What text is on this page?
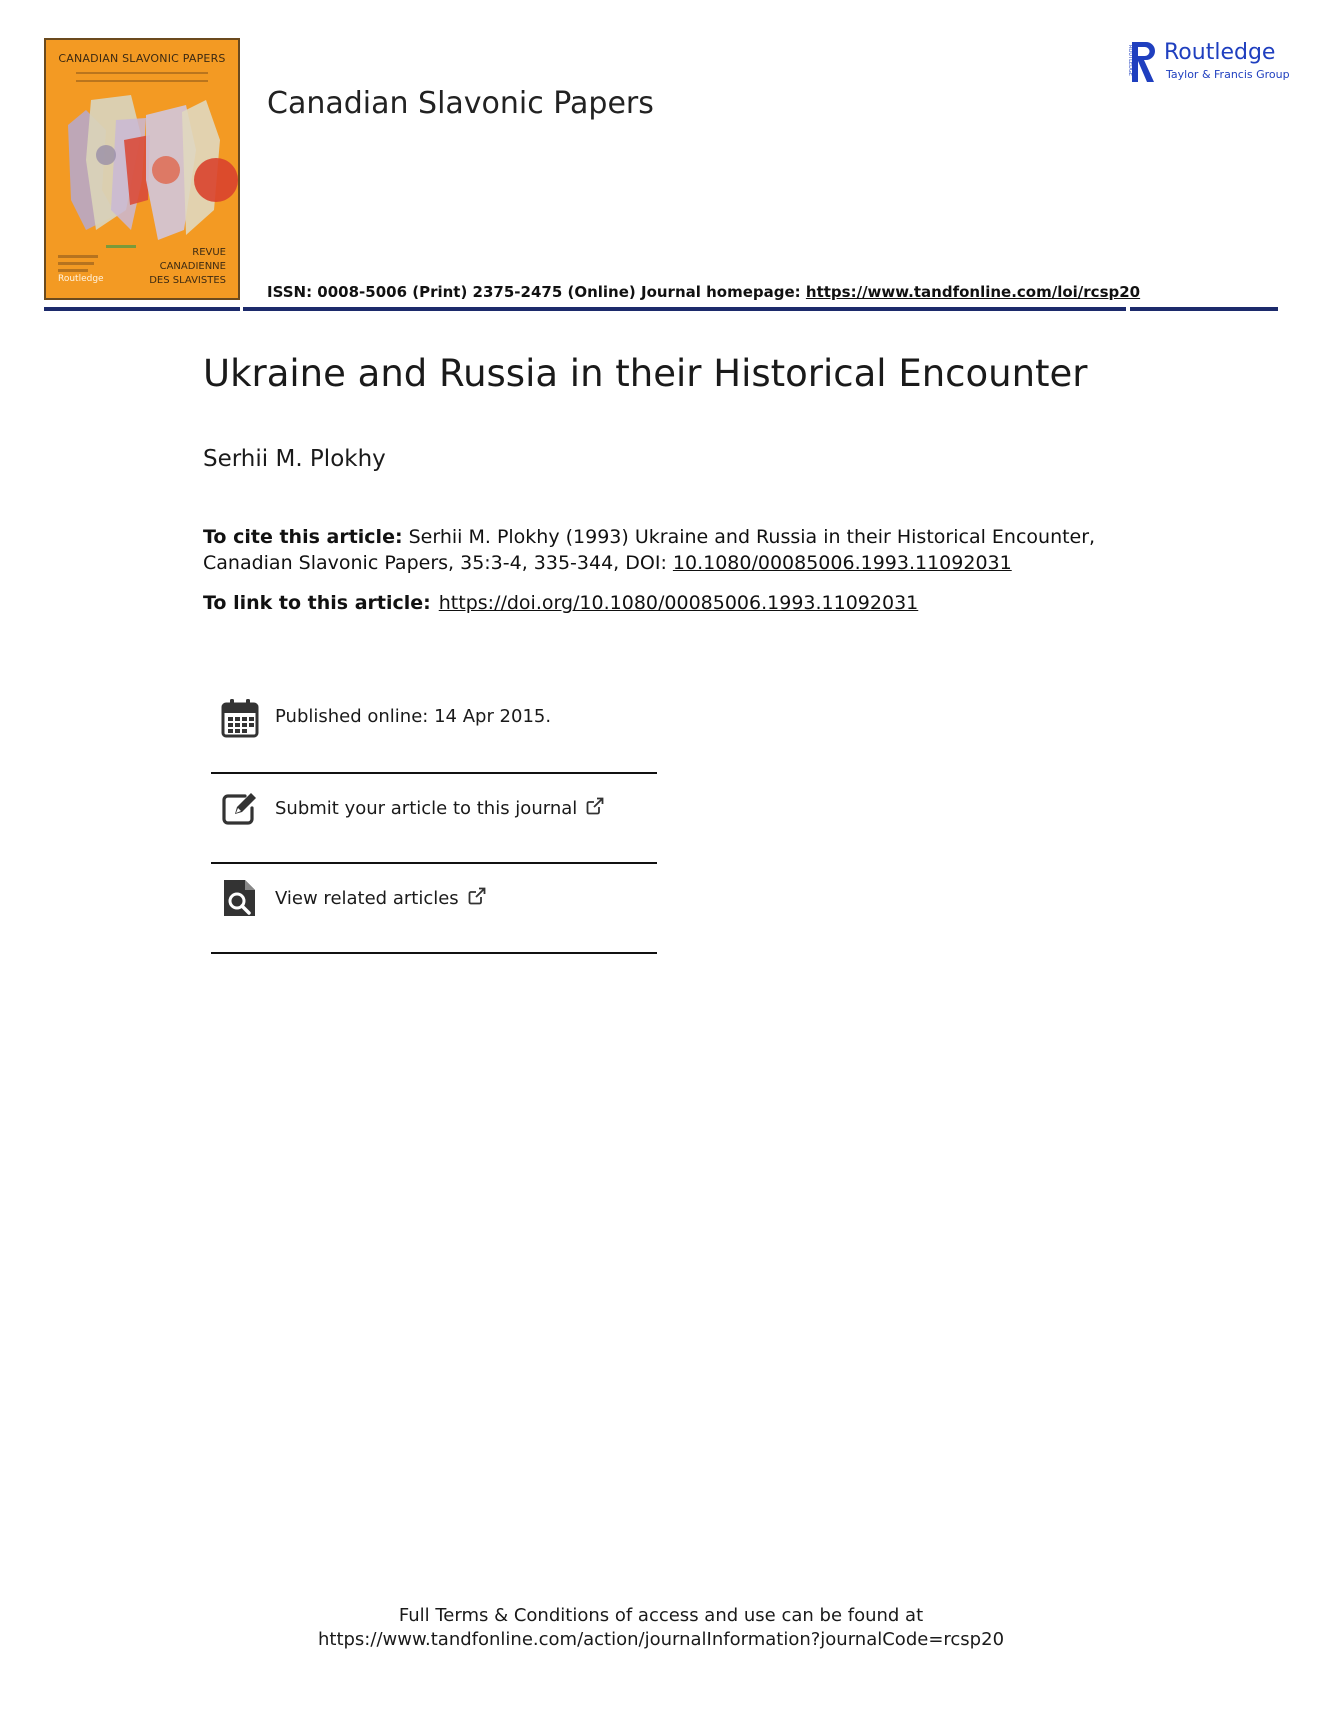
CANADIAN SLAVONIC PAPERS
Routledge
REVUE
CANADIENNE
DES SLAVISTES
Canadian Slavonic Papers
ROUTLEDGE Routledge
Taylor & Francis Group
ISSN: 0008-5006 (Print) 2375-2475 (Online) Journal homepage: https://www.tandfonline.com/loi/rcsp20
Ukraine and Russia in their Historical Encounter
Serhii M. Plokhy
To cite this article: Serhii M. Plokhy (1993) Ukraine and Russia in their Historical Encounter, Canadian Slavonic Papers, 35:3-4, 335-344, DOI: 10.1080/00085006.1993.11092031
To link to this article: https://doi.org/10.1080/00085006.1993.11092031
Published online: 14 Apr 2015.
Submit your article to this journal
View related articles
Full Terms & Conditions of access and use can be found at
https://www.tandfonline.com/action/journalInformation?journalCode=rcsp20
